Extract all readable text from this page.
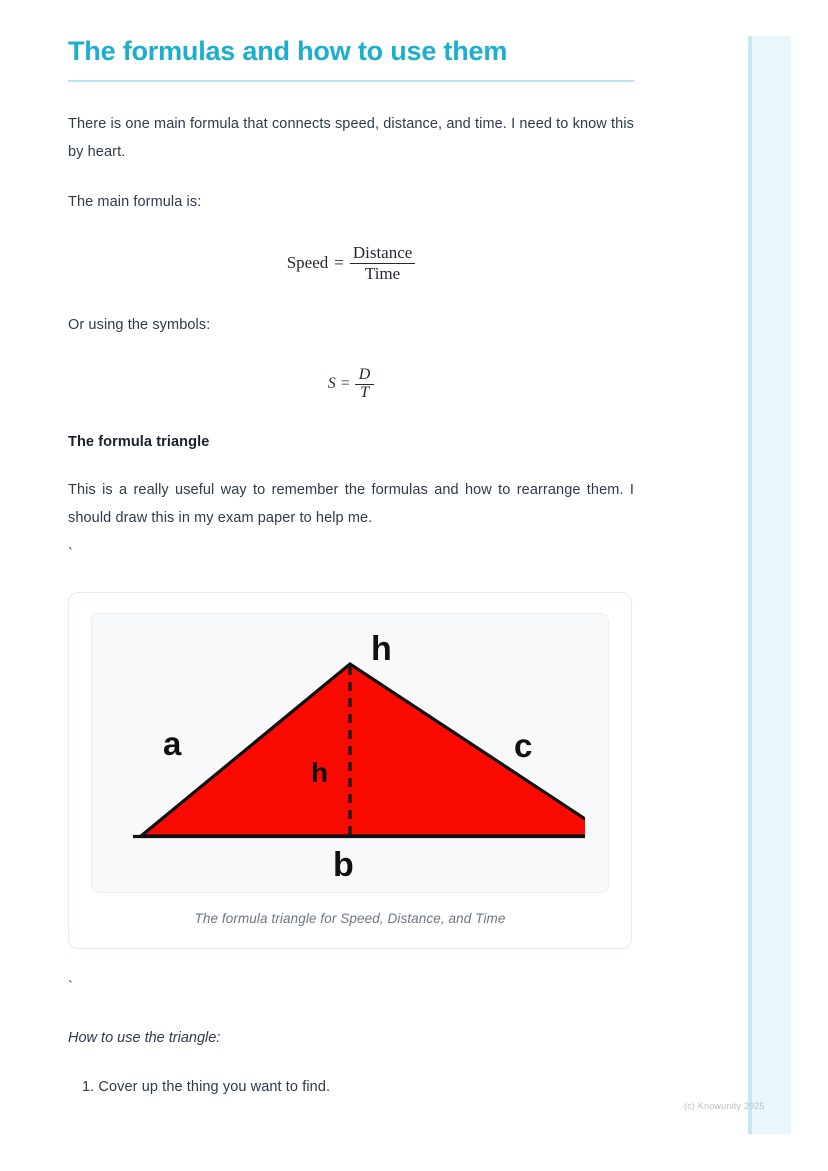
The formulas and how to use them

There is one main formula that connects speed, distance, and time. I need to know this by heart.

The main formula is:

Speed = $\frac{\text{Distance}}{\text{Time}}$

Or using the symbols:

$S = \frac{D}{T}$
The formula triangle

This is a really useful way to remember the formulas and how to rearrange them. I should draw this in my exam paper to help me.

`
h
a	c
h
b
The formula triangle for Speed, Distance, and Time
`

How to use the triangle:

1. Cover up the thing you want to find.
(c) Knowunity 2025
